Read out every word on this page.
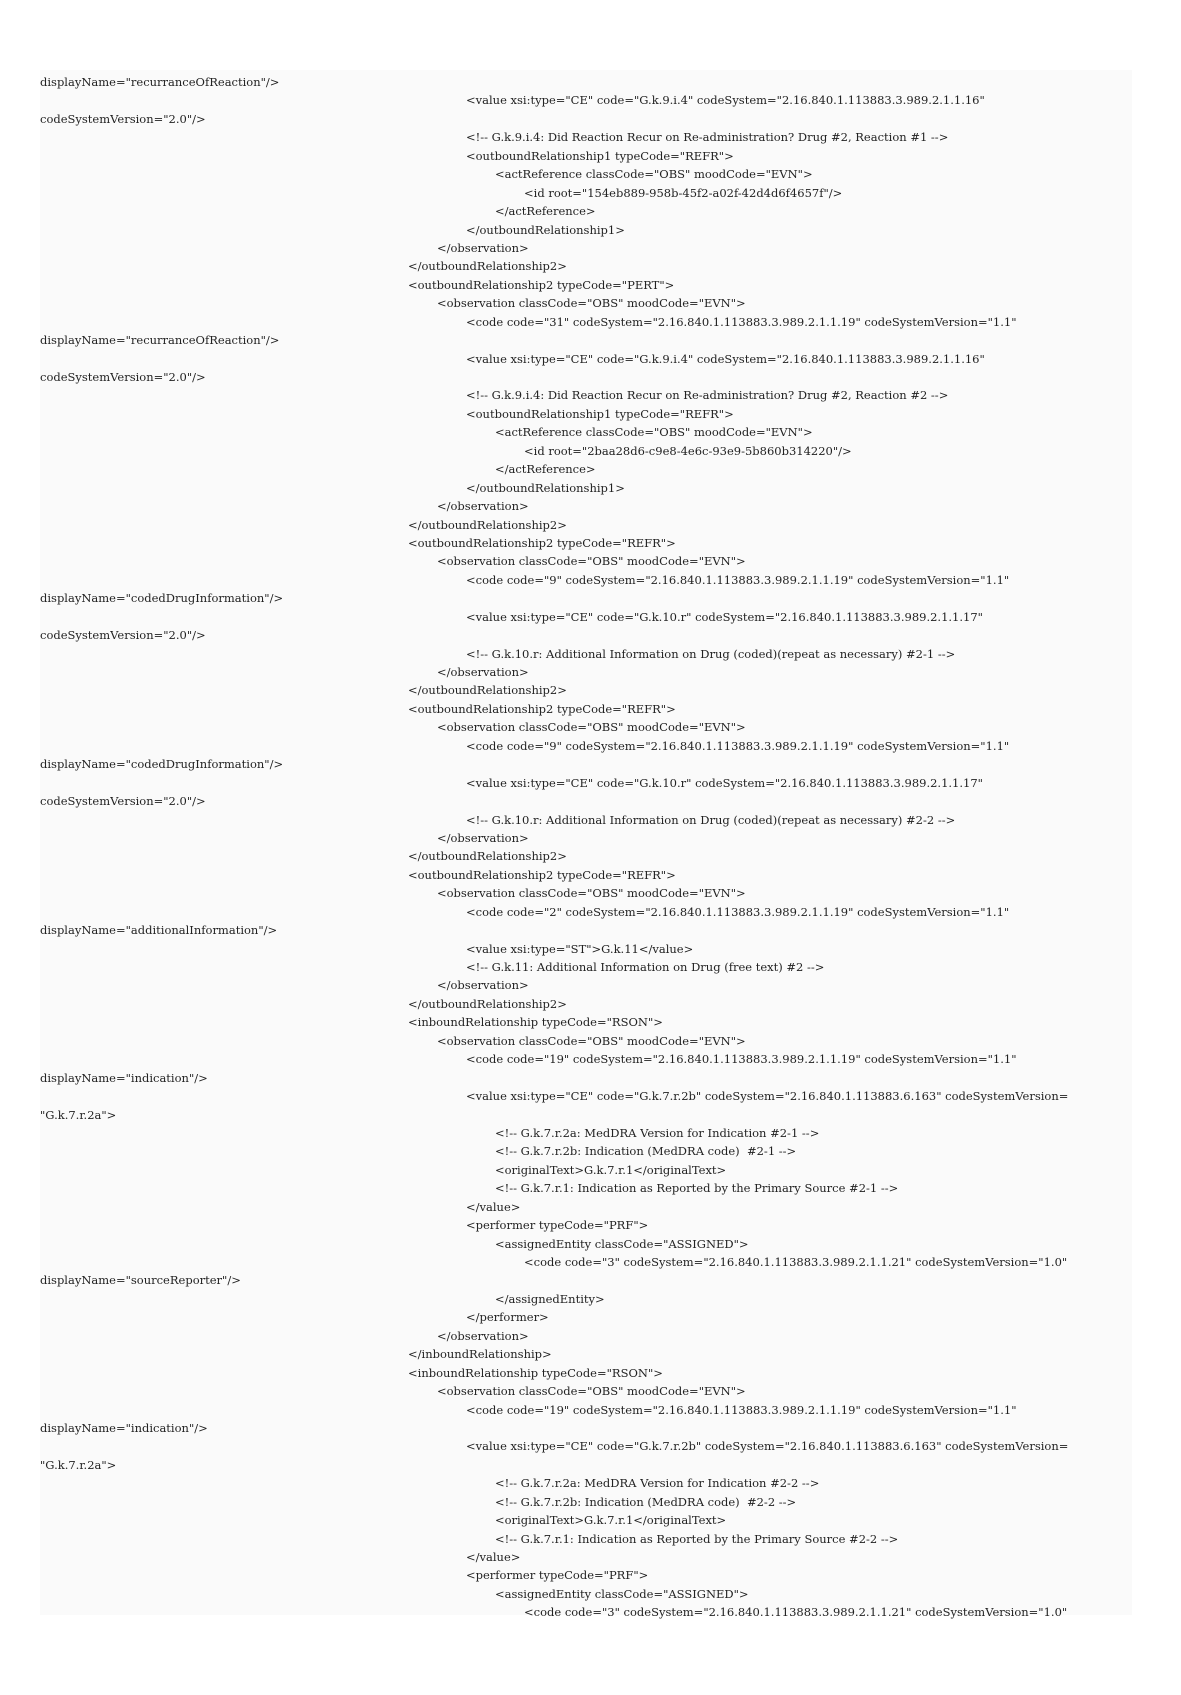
displayName="recurranceOfReaction"/>
<value xsi:type="CE" code="G.k.9.i.4" codeSystem="2.16.840.1.113883.3.989.2.1.1.16"
codeSystemVersion="2.0"/>
<!-- G.k.9.i.4: Did Reaction Recur on Re-administration? Drug #2, Reaction #1 -->
<outboundRelationship1 typeCode="REFR">
<actReference classCode="OBS" moodCode="EVN">
<id root="154eb889-958b-45f2-a02f-42d4d6f4657f"/>
</actReference>
</outboundRelationship1>
</observation>
</outboundRelationship2>
<outboundRelationship2 typeCode="PERT">
<observation classCode="OBS" moodCode="EVN">
<code code="31" codeSystem="2.16.840.1.113883.3.989.2.1.1.19" codeSystemVersion="1.1"
displayName="recurranceOfReaction"/>
<value xsi:type="CE" code="G.k.9.i.4" codeSystem="2.16.840.1.113883.3.989.2.1.1.16"
codeSystemVersion="2.0"/>
<!-- G.k.9.i.4: Did Reaction Recur on Re-administration? Drug #2, Reaction #2 -->
<outboundRelationship1 typeCode="REFR">
<actReference classCode="OBS" moodCode="EVN">
<id root="2baa28d6-c9e8-4e6c-93e9-5b860b314220"/>
</actReference>
</outboundRelationship1>
</observation>
</outboundRelationship2>
<outboundRelationship2 typeCode="REFR">
<observation classCode="OBS" moodCode="EVN">
<code code="9" codeSystem="2.16.840.1.113883.3.989.2.1.1.19" codeSystemVersion="1.1"
displayName="codedDrugInformation"/>
<value xsi:type="CE" code="G.k.10.r" codeSystem="2.16.840.1.113883.3.989.2.1.1.17"
codeSystemVersion="2.0"/>
<!-- G.k.10.r: Additional Information on Drug (coded)(repeat as necessary) #2-1 -->
</observation>
</outboundRelationship2>
<outboundRelationship2 typeCode="REFR">
<observation classCode="OBS" moodCode="EVN">
<code code="9" codeSystem="2.16.840.1.113883.3.989.2.1.1.19" codeSystemVersion="1.1"
displayName="codedDrugInformation"/>
<value xsi:type="CE" code="G.k.10.r" codeSystem="2.16.840.1.113883.3.989.2.1.1.17"
codeSystemVersion="2.0"/>
<!-- G.k.10.r: Additional Information on Drug (coded)(repeat as necessary) #2-2 -->
</observation>
</outboundRelationship2>
<outboundRelationship2 typeCode="REFR">
<observation classCode="OBS" moodCode="EVN">
<code code="2" codeSystem="2.16.840.1.113883.3.989.2.1.1.19" codeSystemVersion="1.1"
displayName="additionalInformation"/>
<value xsi:type="ST">G.k.11</value>
<!-- G.k.11: Additional Information on Drug (free text) #2 -->
</observation>
</outboundRelationship2>
<inboundRelationship typeCode="RSON">
<observation classCode="OBS" moodCode="EVN">
<code code="19" codeSystem="2.16.840.1.113883.3.989.2.1.1.19" codeSystemVersion="1.1"
displayName="indication"/>
<value xsi:type="CE" code="G.k.7.r.2b" codeSystem="2.16.840.1.113883.6.163" codeSystemVersion=
"G.k.7.r.2a">
<!-- G.k.7.r.2a: MedDRA Version for Indication #2-1 -->
<!-- G.k.7.r.2b: Indication (MedDRA code)  #2-1 -->
<originalText>G.k.7.r.1</originalText>
<!-- G.k.7.r.1: Indication as Reported by the Primary Source #2-1 -->
</value>
<performer typeCode="PRF">
<assignedEntity classCode="ASSIGNED">
<code code="3" codeSystem="2.16.840.1.113883.3.989.2.1.1.21" codeSystemVersion="1.0"
displayName="sourceReporter"/>
</assignedEntity>
</performer>
</observation>
</inboundRelationship>
<inboundRelationship typeCode="RSON">
<observation classCode="OBS" moodCode="EVN">
<code code="19" codeSystem="2.16.840.1.113883.3.989.2.1.1.19" codeSystemVersion="1.1"
displayName="indication"/>
<value xsi:type="CE" code="G.k.7.r.2b" codeSystem="2.16.840.1.113883.6.163" codeSystemVersion=
"G.k.7.r.2a">
<!-- G.k.7.r.2a: MedDRA Version for Indication #2-2 -->
<!-- G.k.7.r.2b: Indication (MedDRA code)  #2-2 -->
<originalText>G.k.7.r.1</originalText>
<!-- G.k.7.r.1: Indication as Reported by the Primary Source #2-2 -->
</value>
<performer typeCode="PRF">
<assignedEntity classCode="ASSIGNED">
<code code="3" codeSystem="2.16.840.1.113883.3.989.2.1.1.21" codeSystemVersion="1.0"
